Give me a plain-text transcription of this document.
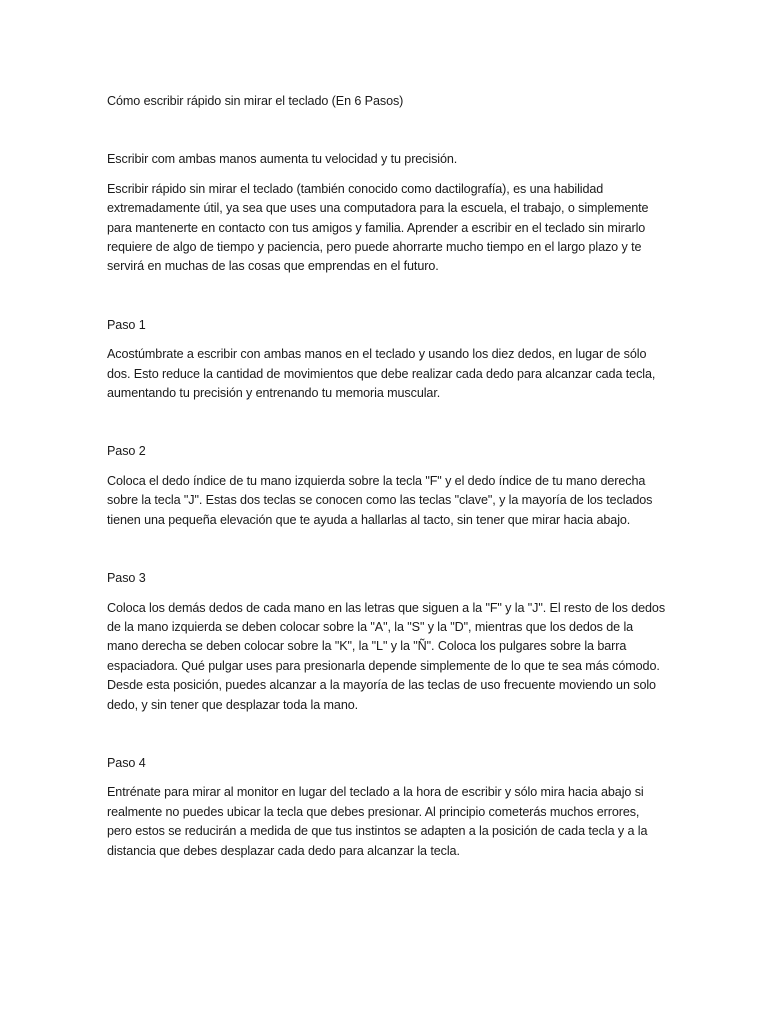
Cómo escribir rápido sin mirar el teclado (En 6 Pasos)

Escribir com ambas manos aumenta tu velocidad y tu precisión.

Escribir rápido sin mirar el teclado (también conocido como dactilografía), es una habilidad extremadamente útil, ya sea que uses una computadora para la escuela, el trabajo, o simplemente para mantenerte en contacto con tus amigos y familia. Aprender a escribir en el teclado sin mirarlo requiere de algo de tiempo y paciencia, pero puede ahorrarte mucho tiempo en el largo plazo y te servirá en muchas de las cosas que emprendas en el futuro.

Paso 1

Acostúmbrate a escribir con ambas manos en el teclado y usando los diez dedos, en lugar de sólo dos. Esto reduce la cantidad de movimientos que debe realizar cada dedo para alcanzar cada tecla, aumentando tu precisión y entrenando tu memoria muscular.

Paso 2

Coloca el dedo índice de tu mano izquierda sobre la tecla "F" y el dedo índice de tu mano derecha sobre la tecla "J". Estas dos teclas se conocen como las teclas "clave", y la mayoría de los teclados tienen una pequeña elevación que te ayuda a hallarlas al tacto, sin tener que mirar hacia abajo.

Paso 3

Coloca los demás dedos de cada mano en las letras que siguen a la "F" y la "J". El resto de los dedos de la mano izquierda se deben colocar sobre la "A", la "S" y la "D", mientras que los dedos de la mano derecha se deben colocar sobre la "K", la "L" y la "Ñ". Coloca los pulgares sobre la barra espaciadora. Qué pulgar uses para presionarla depende simplemente de lo que te sea más cómodo. Desde esta posición, puedes alcanzar a la mayoría de las teclas de uso frecuente moviendo un solo dedo, y sin tener que desplazar toda la mano.

Paso 4

Entrénate para mirar al monitor en lugar del teclado a la hora de escribir y sólo mira hacia abajo si realmente no puedes ubicar la tecla que debes presionar. Al principio cometerás muchos errores, pero estos se reducirán a medida de que tus instintos se adapten a la posición de cada tecla y a la distancia que debes desplazar cada dedo para alcanzar la tecla.
